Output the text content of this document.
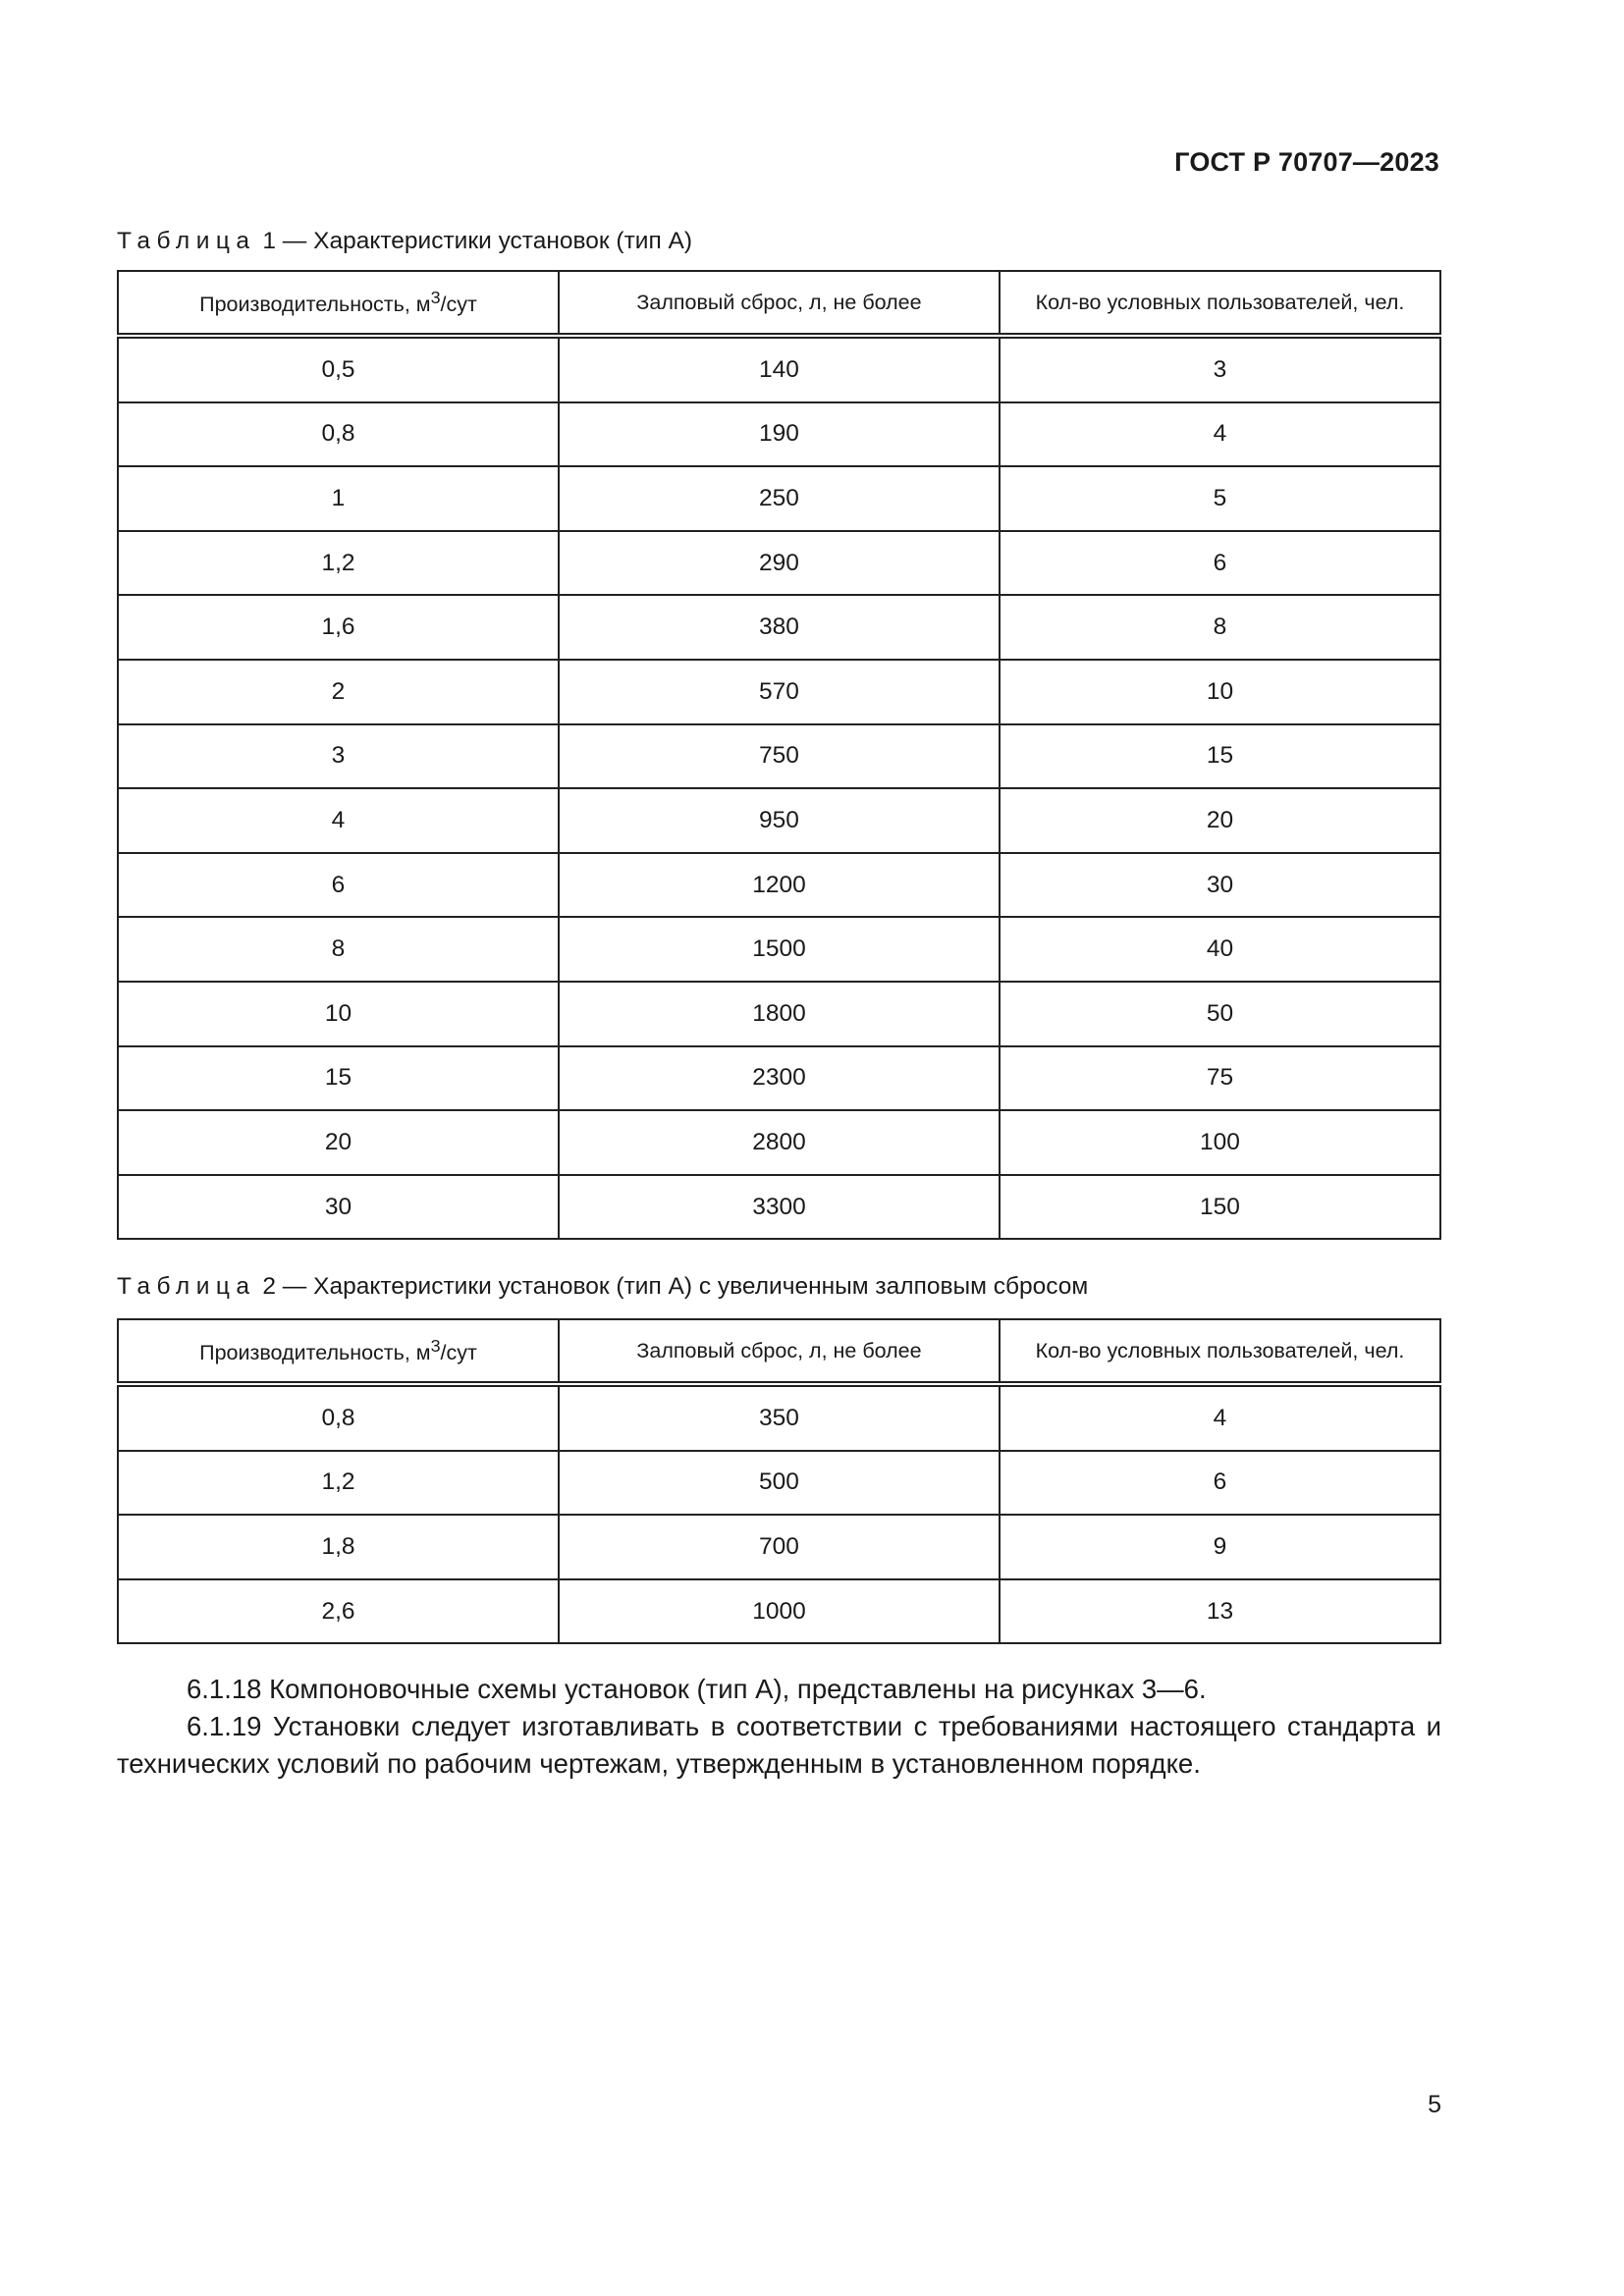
ГОСТ Р 70707—2023
Таблица 1 — Характеристики установок (тип А)
Производительность, $м^3$/сут	Залповый сброс, л, не более	Кол-во условных пользователей, чел.
0,5	140	3
0,8	190	4
1	250	5
1,2	290	6
1,6	380	8
2	570	10
3	750	15
4	950	20
6	1200	30
8	1500	40
10	1800	50
15	2300	75
20	2800	100
30	3300	150
Таблица 2 — Характеристики установок (тип А) с увеличенным залповым сбросом
Производительность, $м^3$/сут	Залповый сброс, л, не более	Кол-во условных пользователей, чел.
0,8	350	4
1,2	500	6
1,8	700	9
2,6	1000	13
6.1.18 Компоновочные схемы установок (тип А), представлены на рисунках 3—6.
6.1.19 Установки следует изготавливать в соответствии с требованиями настоящего стандарта и технических условий по рабочим чертежам, утвержденным в установленном порядке.
5
